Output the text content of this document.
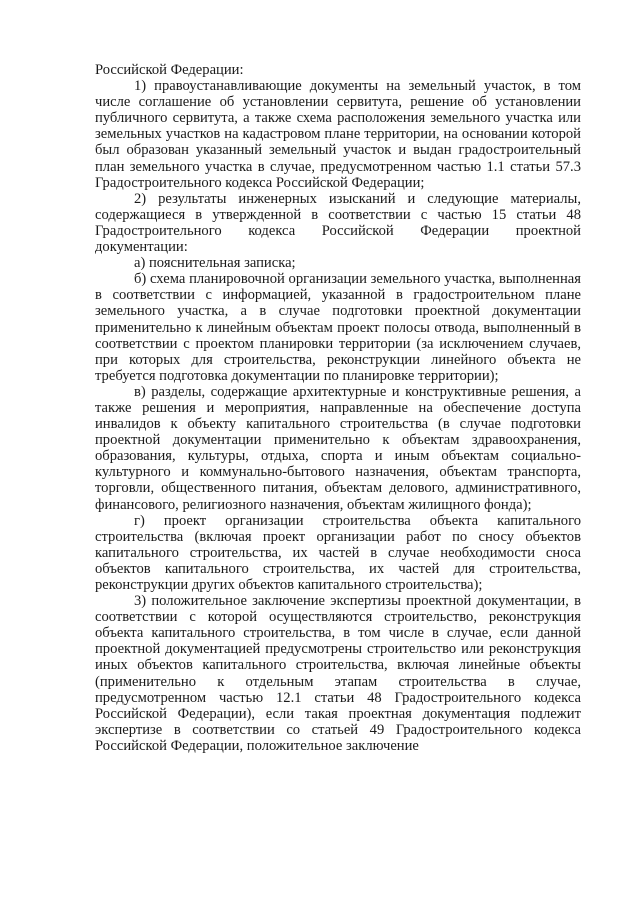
Российской Федерации:

1) правоустанавливающие документы на земельный участок, в том числе соглашение об установлении сервитута, решение об установлении публичного сервитута, а также схема расположения земельного участка или земельных участков на кадастровом плане территории, на основании которой был образован указанный земельный участок и выдан градостроительный план земельного участка в случае, предусмотренном частью 1.1 статьи 57.3 Градостроительного кодекса Российской Федерации;

2) результаты инженерных изысканий и следующие материалы, содержащиеся в утвержденной в соответствии с частью 15 статьи 48 Градостроительного кодекса Российской Федерации проектной документации:

а) пояснительная записка;

б) схема планировочной организации земельного участка, выполненная в соответствии с информацией, указанной в градостроительном плане земельного участка, а в случае подготовки проектной документации применительно к линейным объектам проект полосы отвода, выполненный в соответствии с проектом планировки территории (за исключением случаев, при которых для строительства, реконструкции линейного объекта не требуется подготовка документации по планировке территории);

в) разделы, содержащие архитектурные и конструктивные решения, а также решения и мероприятия, направленные на обеспечение доступа инвалидов к объекту капитального строительства (в случае подготовки проектной документации применительно к объектам здравоохранения, образования, культуры, отдыха, спорта и иным объектам социально-культурного и коммунально-бытового назначения, объектам транспорта, торговли, общественного питания, объектам делового, административного, финансового, религиозного назначения, объектам жилищного фонда);

г) проект организации строительства объекта капитального строительства (включая проект организации работ по сносу объектов капитального строительства, их частей в случае необходимости сноса объектов капитального строительства, их частей для строительства, реконструкции других объектов капитального строительства);

3) положительное заключение экспертизы проектной документации, в соответствии с которой осуществляются строительство, реконструкция объекта капитального строительства, в том числе в случае, если данной проектной документацией предусмотрены строительство или реконструкция иных объектов капитального строительства, включая линейные объекты (применительно к отдельным этапам строительства в случае, предусмотренном частью 12.1 статьи 48 Градостроительного кодекса Российской Федерации), если такая проектная документация подлежит экспертизе в соответствии со статьей 49 Градостроительного кодекса Российской Федерации, положительное заключение
